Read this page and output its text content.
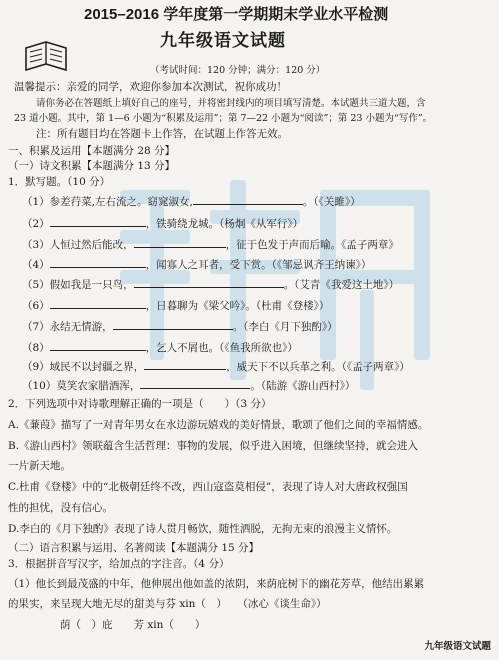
2015–2016 学年度第一学期期末学业水平检测
九年级语文试题
（考试时间：120 分钟；满分：120 分）
温馨提示：亲爱的同学，欢迎你参加本次测试，祝你成功！
请你务必在答题纸上填好自己的座号，并将密封线内的项目填写清楚。本试题共三道大题，含
23 道小题。其中，第 1—6 小题为“积累及运用”；第 7—22 小题为“阅读”；第 23 小题为“写作”。
注：所有题目均在答题卡上作答，在试题上作答无效。
一、积累及运用【本题满分 28 分】
（一）诗文积累【本题满分 13 分】
1．默写题。（10 分）
（1）参差荇菜,左右流之。窈窕淑女,	。（《关雎》）
（2）	，铁骑绕龙城。（杨炯《从军行》）
（3）人恒过然后能改，	，征于色发于声而后喻。《孟子两章》
（4）	，闻寡人之耳者，受下赏。（《邹忌讽齐王纳谏》）
（5）假如我是一只鸟，	。（艾青《我爱这土地》）
（6）	，日暮聊为《梁父吟》。（杜甫《登楼》）
（7）永结无情游，	。（李白《月下独酌》）
（8）	，乞人不屑也。（《鱼我所欲也》）
（9）域民不以封疆之界，	，威天下不以兵革之利。（《孟子两章》）
（10）莫笑农家腊酒浑，	。（陆游《游山西村》）
2．下列选项中对诗歌理解正确的一项是（　　）（3 分）
A.《蒹葭》描写了一对青年男女在水边游玩嬉戏的美好情景，歌颂了他们之间的幸福情感。
B.《游山西村》领联蕴含生活哲理：事物的发展，似乎进入困境，但继续坚持，就会进入
一片新天地。
C.杜甫《登楼》中的“北极朝廷终不改，西山寇盗莫相侵”，表现了诗人对大唐政权强国
性的担忧，没有信心。
D.李白的《月下独酌》表现了诗人贯月畅饮，随性洒脱，无拘无束的浪漫主义情怀。
（二）语言积累与运用、名著阅读【本题满分 15 分】
3．根据拼音写汉字，给加点的字注音。（4 分）
（1）他长到最茂盛的中年，他伸展出他如盖的浓阴，来荫庇树下的幽花芳草，他结出累累
的果实，来呈现大地无尽的甜美与芬 xin（　）　　（冰心《谈生命》）
荫（　）庇　　芳 xin（　　）
九年级语文试题
